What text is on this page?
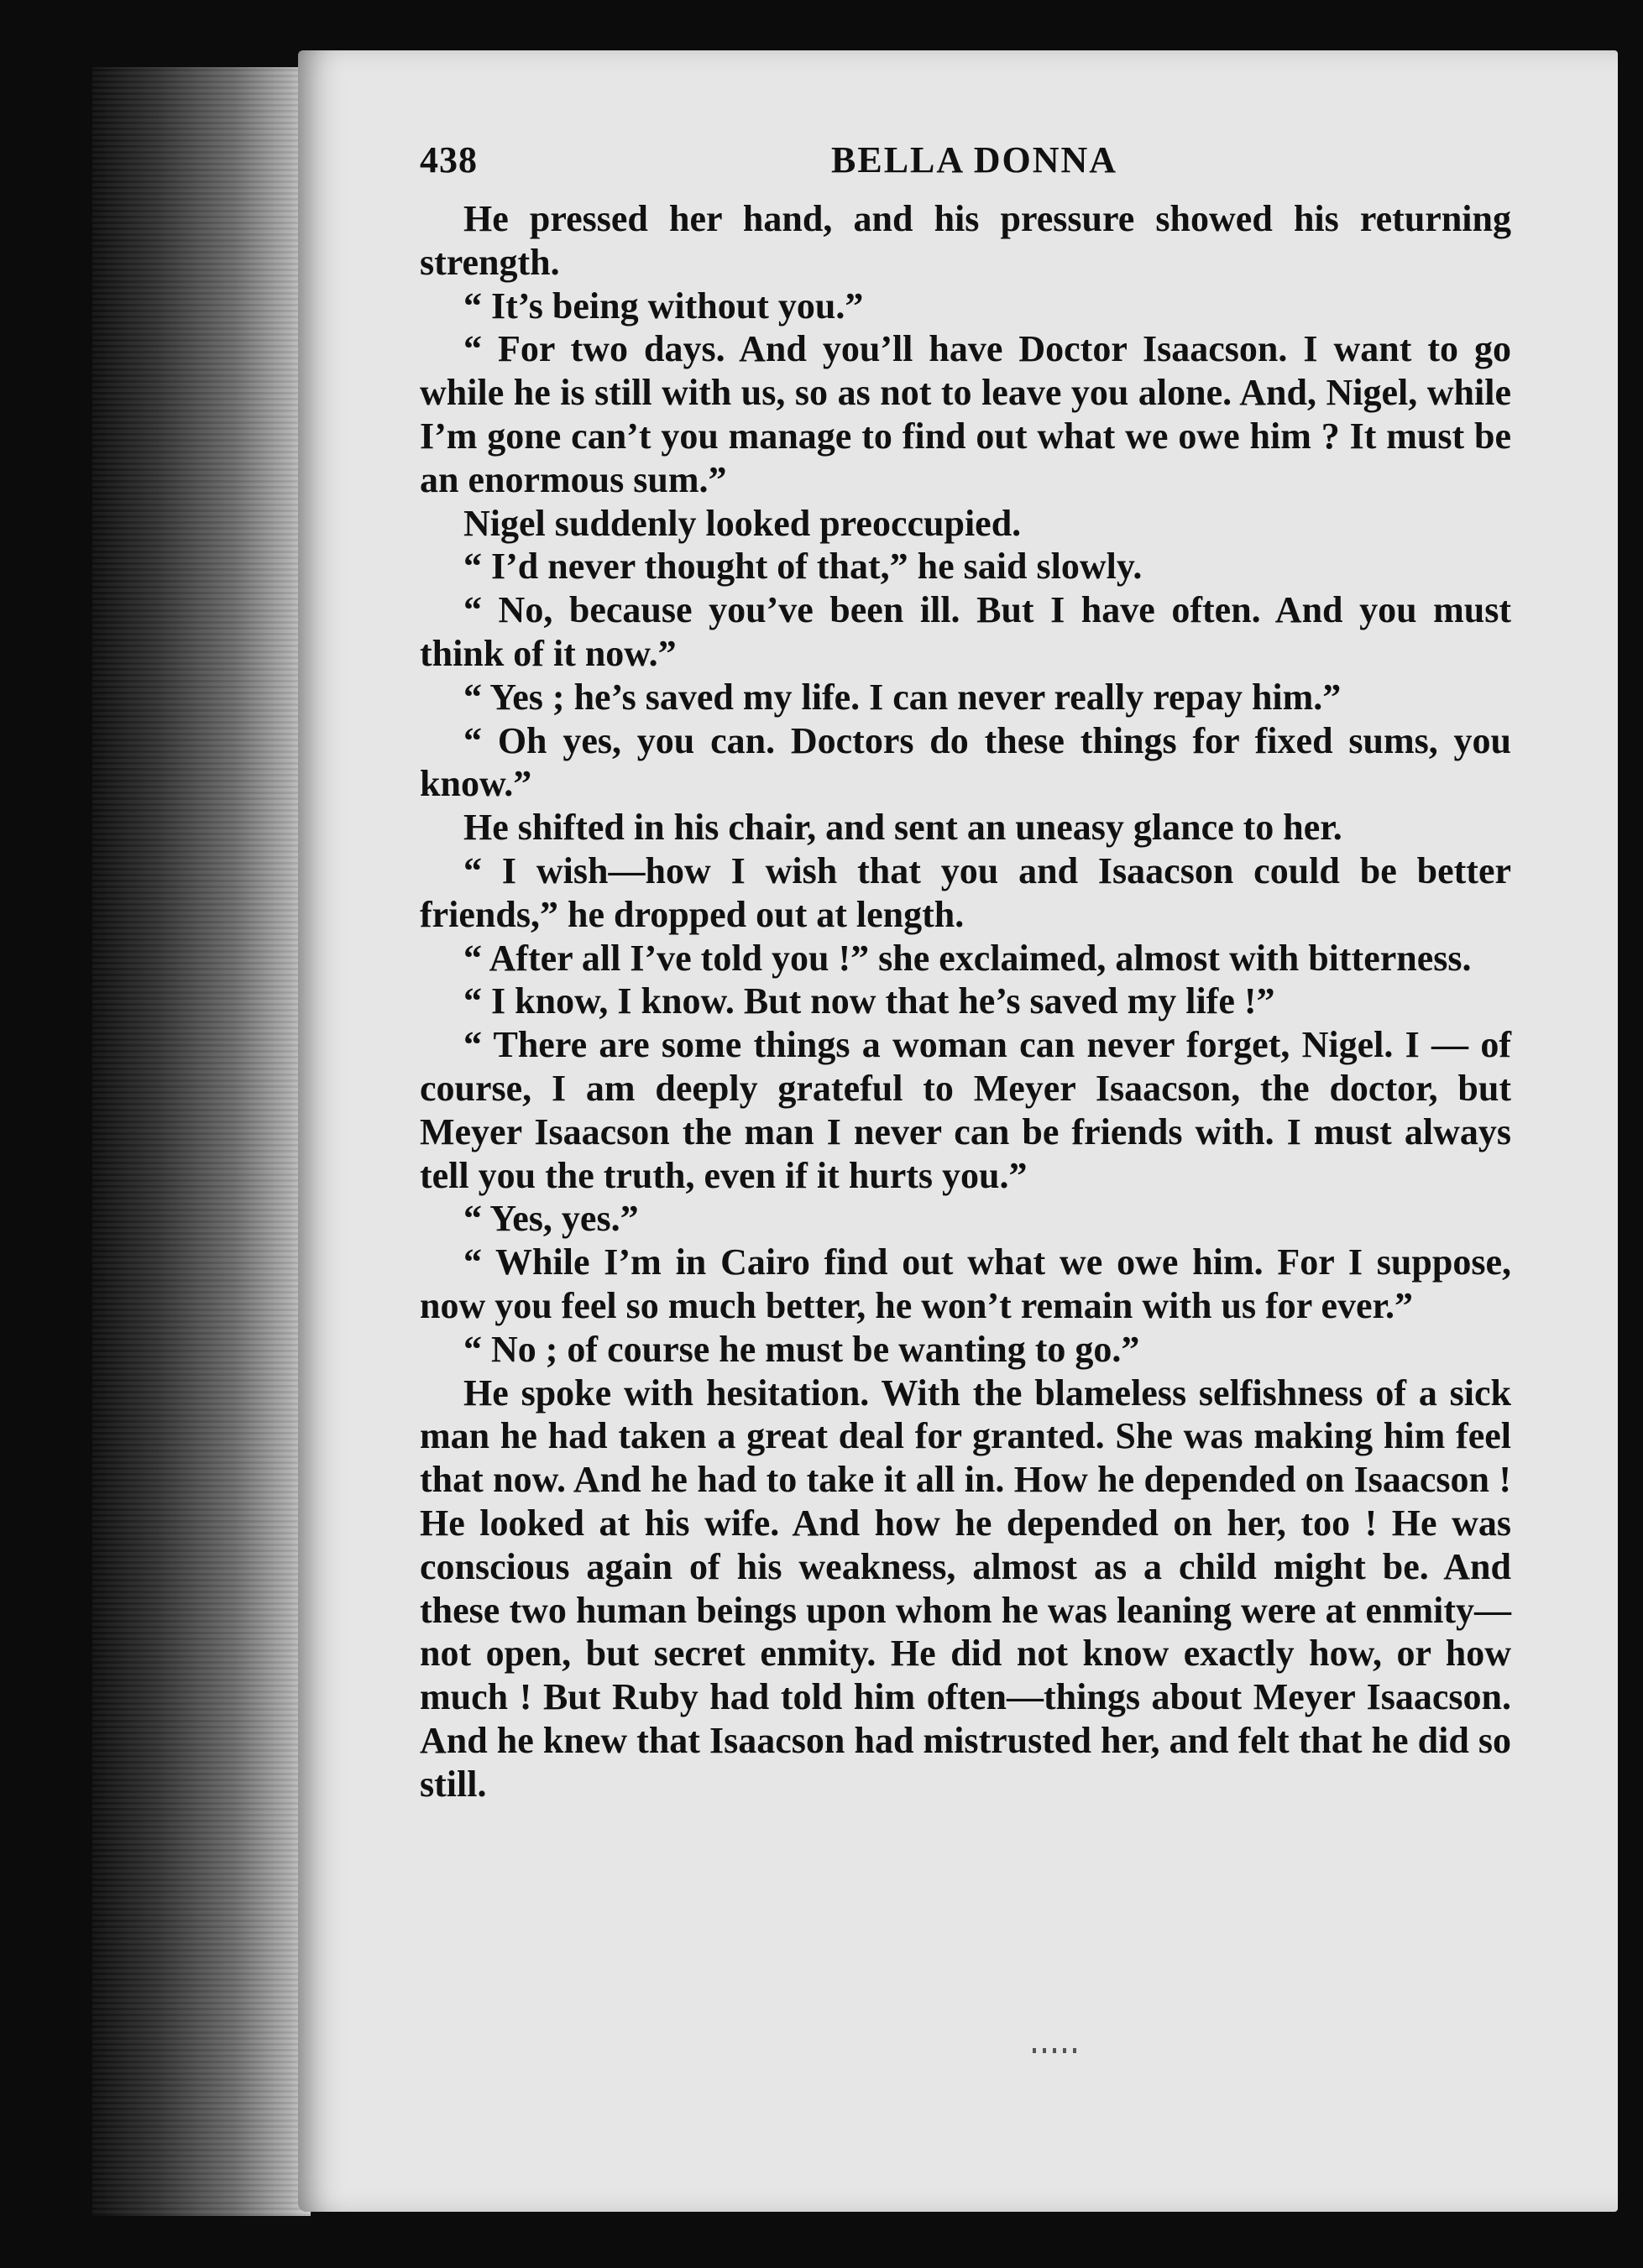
438	BELLA DONNA

He pressed her hand, and his pressure showed his returning strength.

“ It’s being without you.”

“ For two days. And you’ll have Doctor Isaacson. I want to go while he is still with us, so as not to leave you alone. And, Nigel, while I’m gone can’t you manage to find out what we owe him ? It must be an enormous sum.”

Nigel suddenly looked preoccupied.

“ I’d never thought of that,” he said slowly.

“ No, because you’ve been ill. But I have often. And you must think of it now.”

“ Yes ; he’s saved my life. I can never really repay him.”

“ Oh yes, you can. Doctors do these things for fixed sums, you know.”

He shifted in his chair, and sent an uneasy glance to her.

“ I wish—how I wish that you and Isaacson could be better friends,” he dropped out at length.

“ After all I’ve told you !” she exclaimed, almost with bitterness.

“ I know, I know. But now that he’s saved my life !”

“ There are some things a woman can never forget, Nigel. I — of course, I am deeply grateful to Meyer Isaacson, the doctor, but Meyer Isaacson the man I never can be friends with. I must always tell you the truth, even if it hurts you.”

“ Yes, yes.”

“ While I’m in Cairo find out what we owe him. For I suppose, now you feel so much better, he won’t remain with us for ever.”

“ No ; of course he must be wanting to go.”

He spoke with hesitation. With the blameless selfishness of a sick man he had taken a great deal for granted. She was making him feel that now. And he had to take it all in. How he depended on Isaacson ! He looked at his wife. And how he depended on her, too ! He was conscious again of his weakness, almost as a child might be. And these two human beings upon whom he was leaning were at enmity— not open, but secret enmity. He did not know exactly how, or how much ! But Ruby had told him often—things about Meyer Isaacson. And he knew that Isaacson had mistrusted her, and felt that he did so still.
